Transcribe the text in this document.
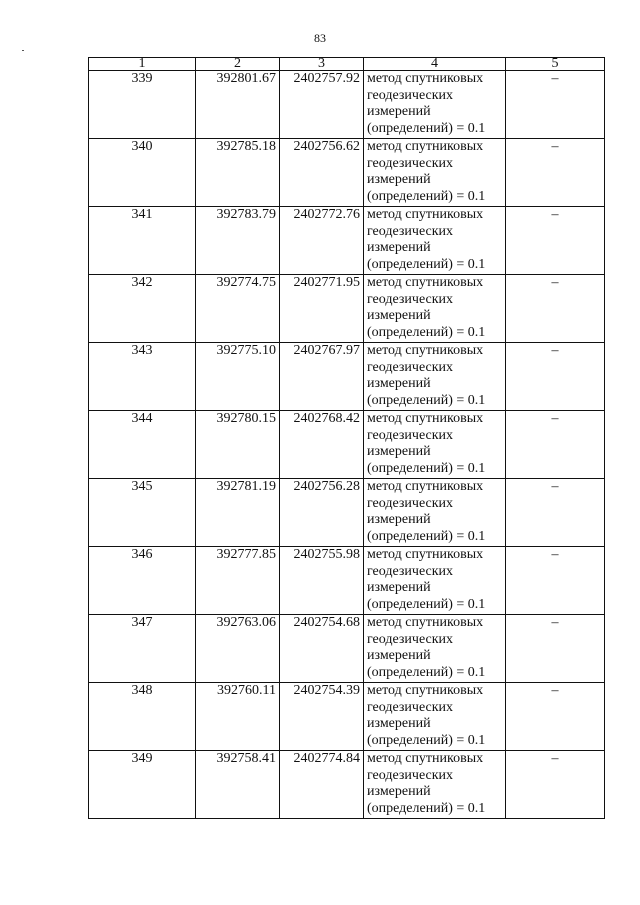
83
1	2	3	4	5
339	392801.67	2402757.92	метод спутниковых
геодезических
измерений
(определений) = 0.1	–
340	392785.18	2402756.62	метод спутниковых
геодезических
измерений
(определений) = 0.1	–
341	392783.79	2402772.76	метод спутниковых
геодезических
измерений
(определений) = 0.1	–
342	392774.75	2402771.95	метод спутниковых
геодезических
измерений
(определений) = 0.1	–
343	392775.10	2402767.97	метод спутниковых
геодезических
измерений
(определений) = 0.1	–
344	392780.15	2402768.42	метод спутниковых
геодезических
измерений
(определений) = 0.1	–
345	392781.19	2402756.28	метод спутниковых
геодезических
измерений
(определений) = 0.1	–
346	392777.85	2402755.98	метод спутниковых
геодезических
измерений
(определений) = 0.1	–
347	392763.06	2402754.68	метод спутниковых
геодезических
измерений
(определений) = 0.1	–
348	392760.11	2402754.39	метод спутниковых
геодезических
измерений
(определений) = 0.1	–
349	392758.41	2402774.84	метод спутниковых
геодезических
измерений
(определений) = 0.1	–
